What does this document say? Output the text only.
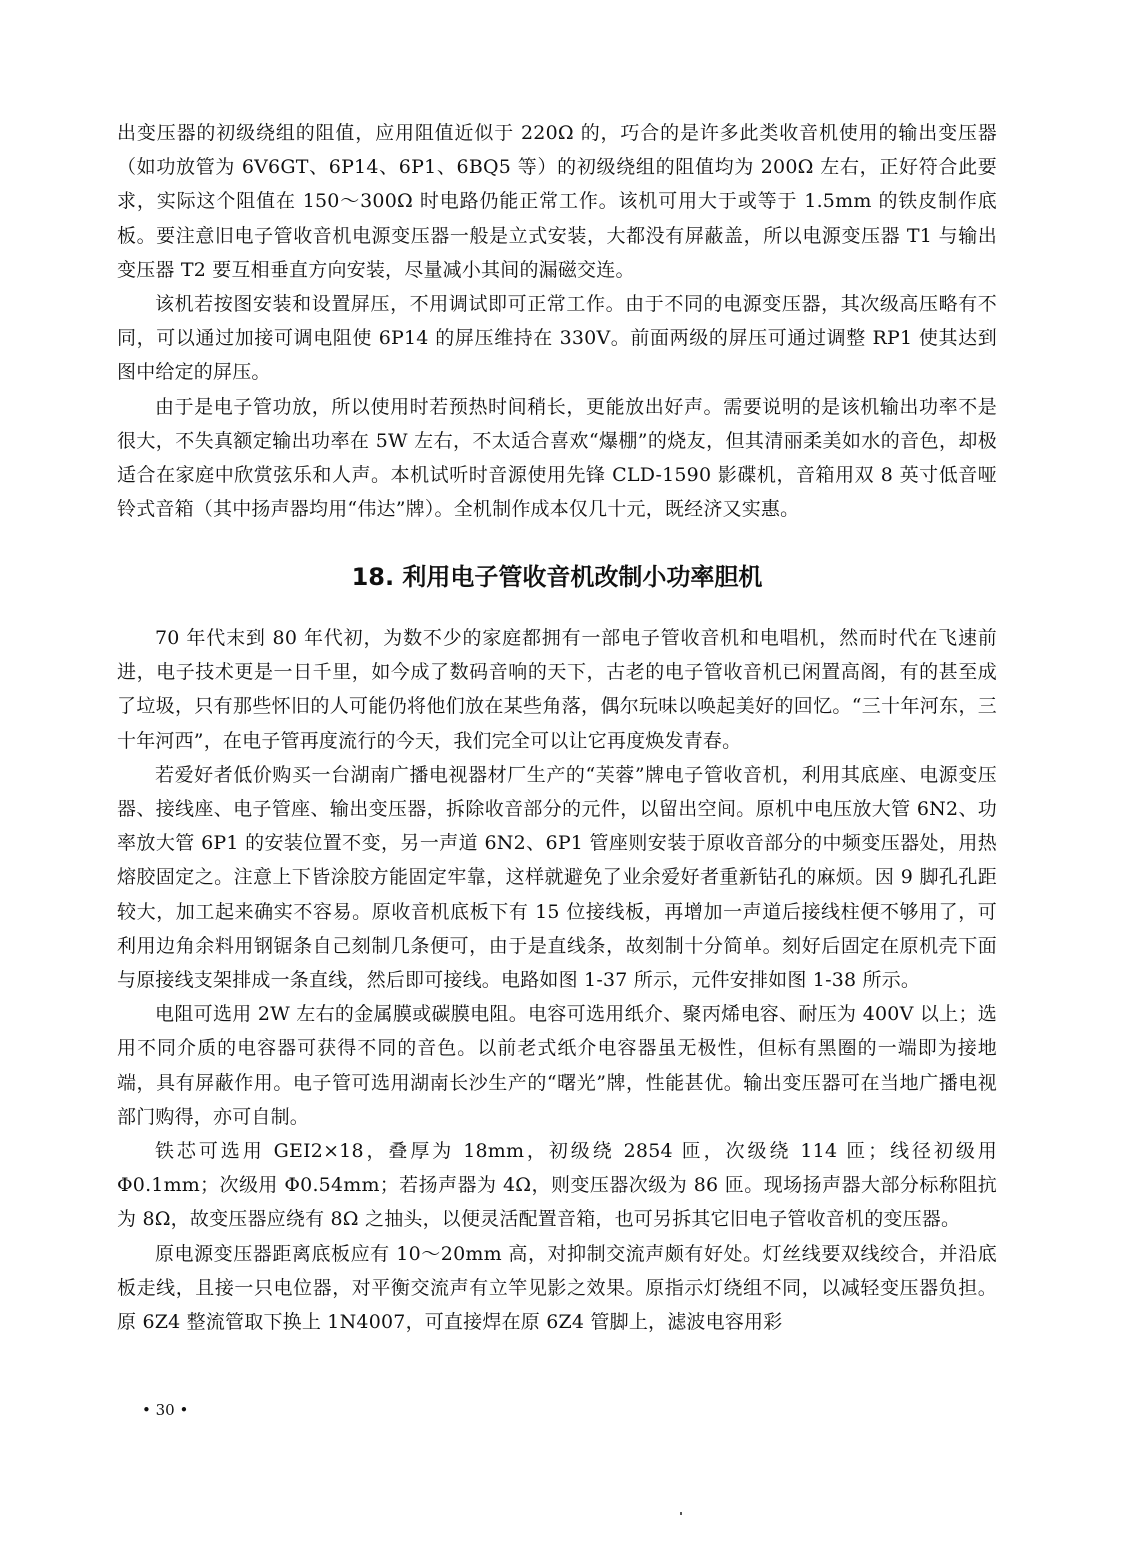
出变压器的初级绕组的阻值，应用阻值近似于 220Ω 的，巧合的是许多此类收音机使用的输出变压器（如功放管为 6V6GT、6P14、6P1、6BQ5 等）的初级绕组的阻值均为 200Ω 左右，正好符合此要求，实际这个阻值在 150～300Ω 时电路仍能正常工作。该机可用大于或等于 1.5mm 的铁皮制作底板。要注意旧电子管收音机电源变压器一般是立式安装，大都没有屏蔽盖，所以电源变压器 T1 与输出变压器 T2 要互相垂直方向安装，尽量减小其间的漏磁交连。

该机若按图安装和设置屏压，不用调试即可正常工作。由于不同的电源变压器，其次级高压略有不同，可以通过加接可调电阻使 6P14 的屏压维持在 330V。前面两级的屏压可通过调整 RP1 使其达到图中给定的屏压。

由于是电子管功放，所以使用时若预热时间稍长，更能放出好声。需要说明的是该机输出功率不是很大，不失真额定输出功率在 5W 左右，不太适合喜欢“爆棚”的烧友，但其清丽柔美如水的音色，却极适合在家庭中欣赏弦乐和人声。本机试听时音源使用先锋 CLD-1590 影碟机，音箱用双 8 英寸低音哑铃式音箱（其中扬声器均用“伟达”牌）。全机制作成本仅几十元，既经济又实惠。

18. 利用电子管收音机改制小功率胆机

70 年代末到 80 年代初，为数不少的家庭都拥有一部电子管收音机和电唱机，然而时代在飞速前进，电子技术更是一日千里，如今成了数码音响的天下，古老的电子管收音机已闲置高阁，有的甚至成了垃圾，只有那些怀旧的人可能仍将他们放在某些角落，偶尔玩味以唤起美好的回忆。“三十年河东，三十年河西”，在电子管再度流行的今天，我们完全可以让它再度焕发青春。

若爱好者低价购买一台湖南广播电视器材厂生产的“芙蓉”牌电子管收音机，利用其底座、电源变压器、接线座、电子管座、输出变压器，拆除收音部分的元件，以留出空间。原机中电压放大管 6N2、功率放大管 6P1 的安装位置不变，另一声道 6N2、6P1 管座则安装于原收音部分的中频变压器处，用热熔胶固定之。注意上下皆涂胶方能固定牢靠，这样就避免了业余爱好者重新钻孔的麻烦。因 9 脚孔孔距较大，加工起来确实不容易。原收音机底板下有 15 位接线板，再增加一声道后接线柱便不够用了，可利用边角余料用钢锯条自己刻制几条便可，由于是直线条，故刻制十分简单。刻好后固定在原机壳下面与原接线支架排成一条直线，然后即可接线。电路如图 1-37 所示，元件安排如图 1-38 所示。

电阻可选用 2W 左右的金属膜或碳膜电阻。电容可选用纸介、聚丙烯电容、耐压为 400V 以上；选用不同介质的电容器可获得不同的音色。以前老式纸介电容器虽无极性，但标有黑圈的一端即为接地端，具有屏蔽作用。电子管可选用湖南长沙生产的“曙光”牌，性能甚优。输出变压器可在当地广播电视部门购得，亦可自制。

铁芯可选用 GEI2×18，叠厚为 18mm，初级绕 2854 匝，次级绕 114 匝；线径初级用 Φ0.1mm；次级用 Φ0.54mm；若扬声器为 4Ω，则变压器次级为 86 匝。现场扬声器大部分标称阻抗为 8Ω，故变压器应绕有 8Ω 之抽头，以便灵活配置音箱，也可另拆其它旧电子管收音机的变压器。

原电源变压器距离底板应有 10～20mm 高，对抑制交流声颇有好处。灯丝线要双线绞合，并沿底板走线，且接一只电位器，对平衡交流声有立竿见影之效果。原指示灯绕组不同，以减轻变压器负担。原 6Z4 整流管取下换上 1N4007，可直接焊在原 6Z4 管脚上，滤波电容用彩

• 30 •
